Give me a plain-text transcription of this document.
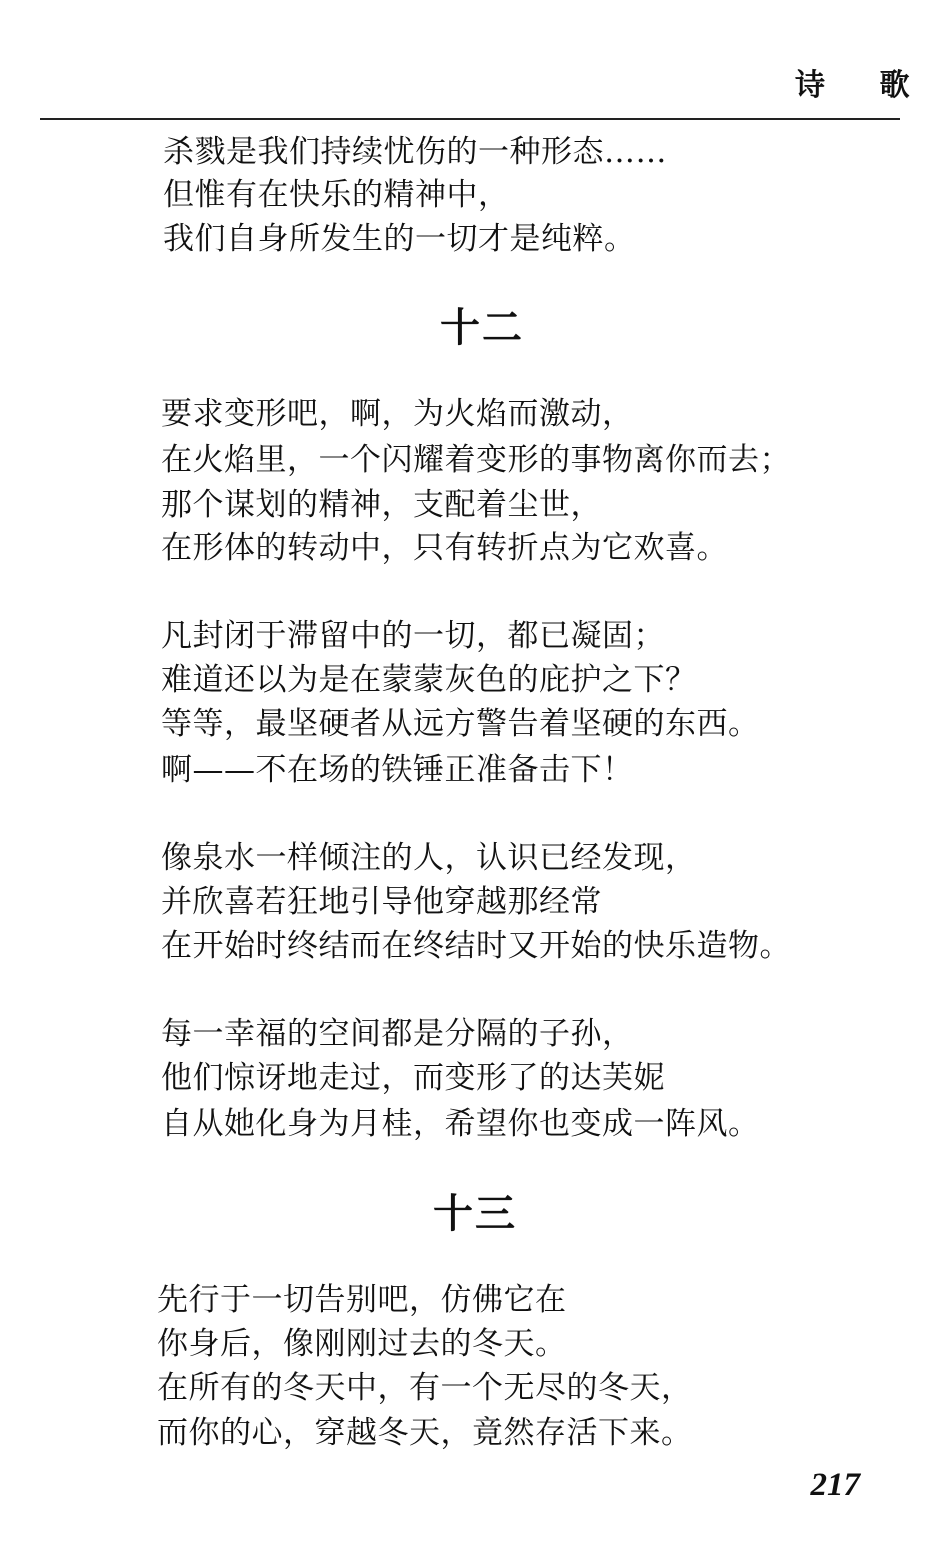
诗 歌
杀戮是我们持续忧伤的一种形态……
但惟有在快乐的精神中，
我们自身所发生的一切才是纯粹。
十二
要求变形吧，啊，为火焰而激动，
在火焰里，一个闪耀着变形的事物离你而去；
那个谋划的精神，支配着尘世，
在形体的转动中，只有转折点为它欢喜。
凡封闭于滞留中的一切，都已凝固；
难道还以为是在蒙蒙灰色的庇护之下？
等等，最坚硬者从远方警告着坚硬的东西。
啊——不在场的铁锤正准备击下！
像泉水一样倾注的人，认识已经发现，
并欣喜若狂地引导他穿越那经常
在开始时终结而在终结时又开始的快乐造物。
每一幸福的空间都是分隔的子孙，
他们惊讶地走过，而变形了的达芙妮
自从她化身为月桂，希望你也变成一阵风。
十三
先行于一切告别吧，仿佛它在
你身后，像刚刚过去的冬天。
在所有的冬天中，有一个无尽的冬天，
而你的心，穿越冬天，竟然存活下来。
217
